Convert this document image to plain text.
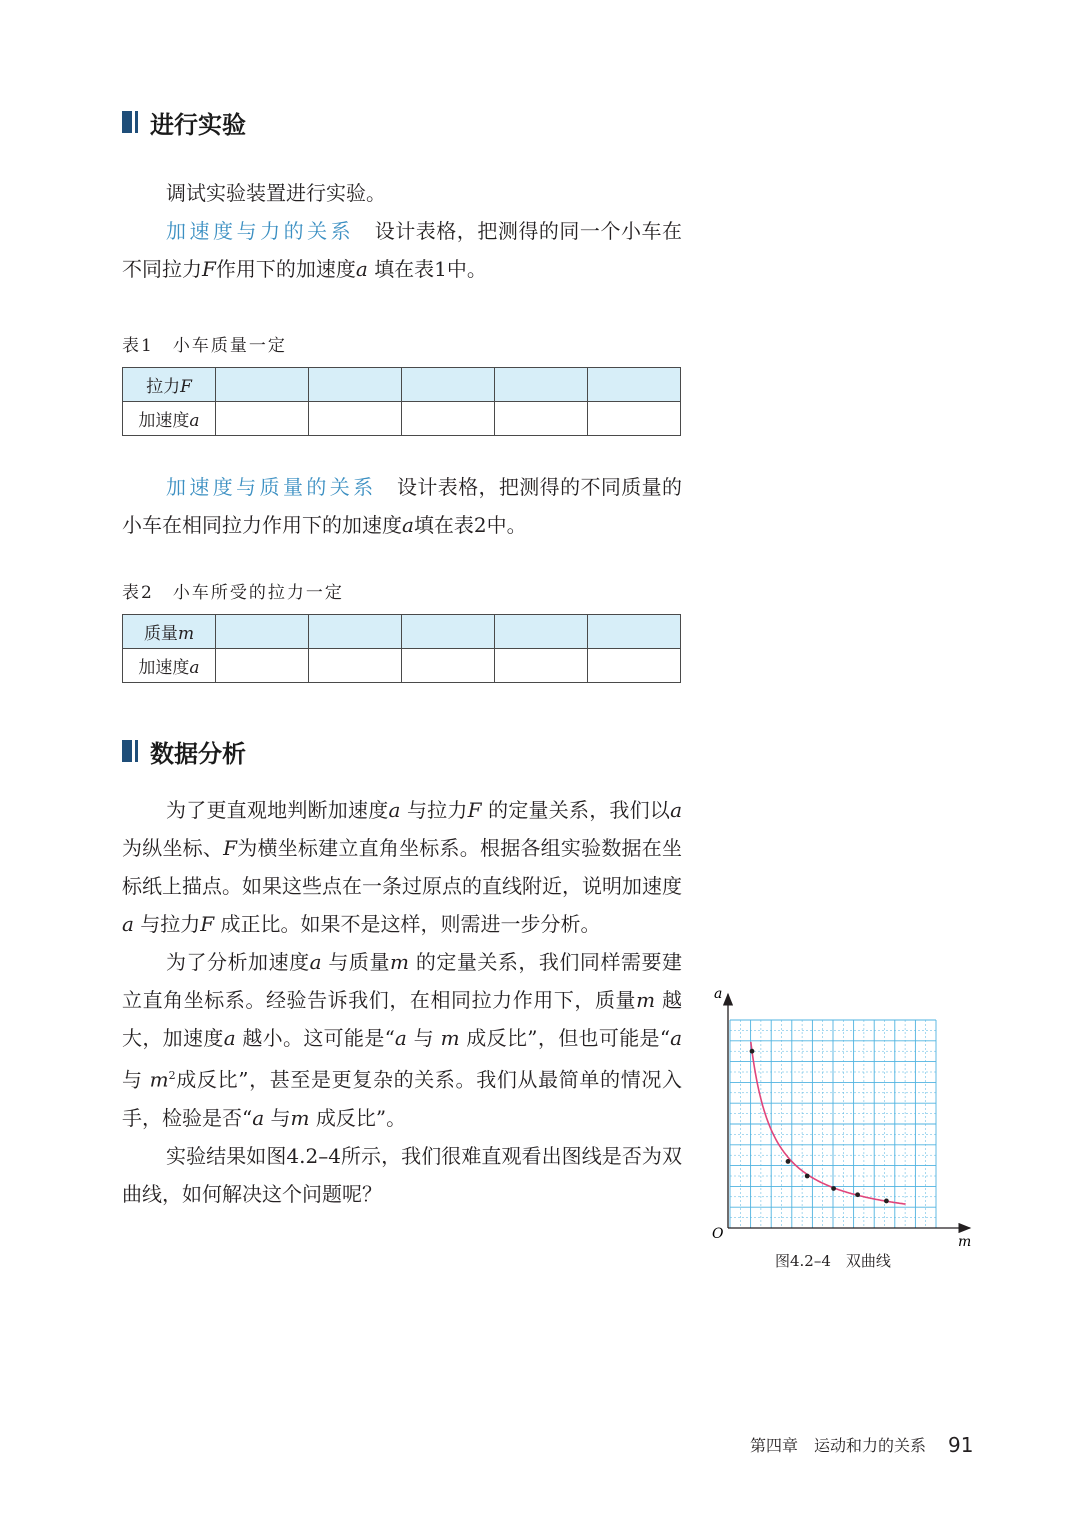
进行实验

调试实验装置进行实验。

加速度与力的关系　 设计表格，把测得的同一个小车在不同拉力F作用下的加速度a 填在表1中。

表1　小车质量一定
拉力F					
加速度a					

加速度与质量的关系　 设计表格，把测得的不同质量的小车在相同拉力作用下的加速度a填在表2中。

表2　小车所受的拉力一定
质量m					
加速度a					
数据分析

为了更直观地判断加速度a 与拉力F 的定量关系，我们以a为纵坐标、F为横坐标建立直角坐标系。根据各组实验数据在坐标纸上描点。如果这些点在一条过原点的直线附近，说明加速度a 与拉力F 成正比。如果不是这样，则需进一步分析。

为了分析加速度a 与质量m 的定量关系，我们同样需要建立直角坐标系。经验告诉我们，在相同拉力作用下，质量m 越大，加速度a 越小。这可能是“a 与 m 成反比”，但也可能是“a 与 $m^2$成反比”，甚至是更复杂的关系。我们从最简单的情况入手，检验是否“a 与m 成反比”。

实验结果如图4.2–4所示，我们很难直观看出图线是否为双曲线，如何解决这个问题呢？

a
m
O
图4.2–4　双曲线
第四章　运动和力的关系 91
